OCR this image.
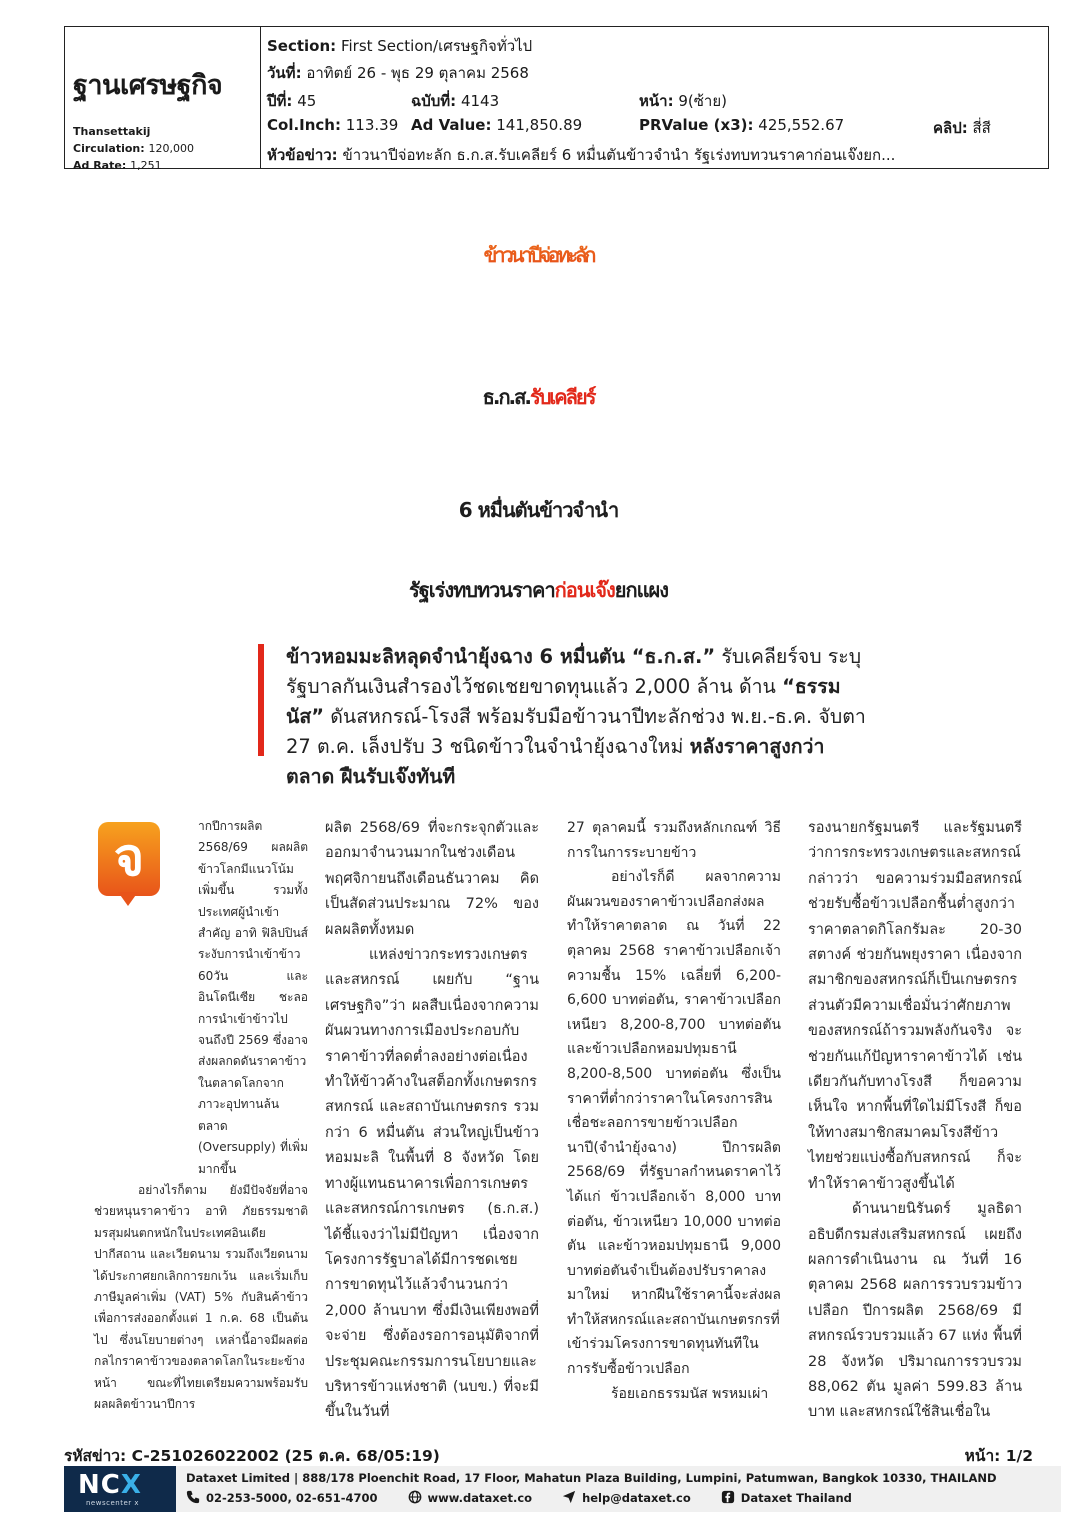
ฐานเศรษฐกิจ
Thansettakij
Circulation: 120,000
Ad Rate: 1,251
Section: First Section/เศรษฐกิจทั่วไป
วันที่: อาทิตย์ 26 - พุธ 29 ตุลาคม 2568
ปีที่: 45	ฉบับที่: 4143	หน้า: 9(ซ้าย)
Col.Inch: 113.39 Ad Value: 141,850.89	PRValue (x3): 425,552.67	คลิป: สี่สี
หัวข้อข่าว: ข้าวนาปีจ่อทะลัก ธ.ก.ส.รับเคลียร์ 6 หมื่นตันข้าวจำนำ รัฐเร่งทบทวนราคาก่อนเจ๊งยก...
ข้าวนาปีจ่อทะลัก
ธ.ก.ส.รับเคลียร์
6 หมื่นตันข้าวจำนำ
รัฐเร่งทบทวนราคาก่อนเจ๊งยกแผง
ข้าวหอมมะลิหลุดจำนำยุ้งฉาง 6 หมื่นตัน “ธ.ก.ส.” รับเคลียร์จบ ระบุรัฐบาลกันเงินสำรองไว้ชดเชยขาดทุนแล้ว 2,000 ล้าน ด้าน “ธรรมนัส” ดันสหกรณ์-โรงสี พร้อมรับมือข้าวนาปีทะลักช่วง พ.ย.-ธ.ค. จับตา 27 ต.ค. เล็งปรับ 3 ชนิดข้าวในจำนำยุ้งฉางใหม่ หลังราคาสูงกว่าตลาด ฝืนรับเจ๊งทันที
จ

ากปีการผลิต 2568/69 ผลผลิตข้าวโลกมีแนวโน้มเพิ่มขึ้น รวมทั้งประเทศผู้นำเข้าสำคัญ อาทิ ฟิลิปปินส์ ระงับการนำเข้าข้าว 60วัน และอินโดนีเซีย ชะลอการนำเข้าข้าวไปจนถึงปี 2569 ซึ่งอาจส่งผลกดดันราคาข้าวในตลาดโลกจากภาวะอุปทานล้นตลาด (Oversupply) ที่เพิ่มมากขึ้น

อย่างไรก็ตาม ยังมีปัจจัยที่อาจช่วยหนุนราคาข้าว อาทิ ภัยธรรมชาติ มรสุมฝนตกหนักในประเทศอินเดีย ปากีสถาน และเวียดนาม รวมถึงเวียดนามได้ประกาศยกเลิกการยกเว้น และเริ่มเก็บภาษีมูลค่าเพิ่ม (VAT) 5% กับสินค้าข้าวเพื่อการส่งออกตั้งแต่ 1 ก.ค. 68 เป็นต้นไป ซึ่งนโยบายต่างๆ เหล่านี้อาจมีผลต่อกลไกราคาข้าวของตลาดโลกในระยะข้างหน้า ขณะที่ไทยเตรียมความพร้อมรับผลผลิตข้าวนาปีการ

ผลิต 2568/69 ที่จะกระจุกตัวและออกมาจำนวนมากในช่วงเดือนพฤศจิกายนถึงเดือนธันวาคม คิดเป็นสัดส่วนประมาณ 72% ของผลผลิตทั้งหมด

แหล่งข่าวกระทรวงเกษตรและสหกรณ์ เผยกับ “ฐานเศรษฐกิจ”ว่า ผลสืบเนื่องจากความผันผวนทางการเมืองประกอบกับราคาข้าวที่ลดต่ำลงอย่างต่อเนื่อง ทำให้ข้าวค้างในสต็อกทั้งเกษตรกร สหกรณ์ และสถาบันเกษตรกร รวมกว่า 6 หมื่นตัน ส่วนใหญ่เป็นข้าวหอมมะลิ ในพื้นที่ 8 จังหวัด โดยทางผู้แทนธนาคารเพื่อการเกษตรและสหกรณ์การเกษตร (ธ.ก.ส.) ได้ชี้แจงว่าไม่มีปัญหา เนื่องจากโครงการรัฐบาลได้มีการชดเชยการขาดทุนไว้แล้วจำนวนกว่า 2,000 ล้านบาท ซึ่งมีเงินเพียงพอที่จะจ่าย ซึ่งต้องรอการอนุมัติจากที่ประชุมคณะกรรมการนโยบายและบริหารข้าวแห่งชาติ (นบข.) ที่จะมีขึ้นในวันที่

27 ตุลาคมนี้ รวมถึงหลักเกณฑ์ วิธีการในการระบายข้าว

อย่างไรก็ดี ผลจากความผันผวนของราคาข้าวเปลือกส่งผลทำให้ราคาตลาด ณ วันที่ 22 ตุลาคม 2568 ราคาข้าวเปลือกเจ้า ความชื้น 15% เฉลี่ยที่ 6,200-6,600 บาทต่อตัน, ราคาข้าวเปลือกเหนียว 8,200-8,700 บาทต่อตัน และข้าวเปลือกหอมปทุมธานี 8,200-8,500 บาทต่อตัน ซึ่งเป็นราคาที่ต่ำกว่าราคาในโครงการสินเชื่อชะลอการขายข้าวเปลือกนาปี(จำนำยุ้งฉาง) ปีการผลิต 2568/69 ที่รัฐบาลกำหนดราคาไว้ ได้แก่ ข้าวเปลือกเจ้า 8,000 บาทต่อตัน, ข้าวเหนียว 10,000 บาทต่อตัน และข้าวหอมปทุมธานี 9,000 บาทต่อตันจำเป็นต้องปรับราคาลงมาใหม่ หากฝืนใช้ราคานี้จะส่งผลทำให้สหกรณ์และสถาบันเกษตรกรที่เข้าร่วมโครงการขาดทุนทันทีในการรับซื้อข้าวเปลือก

ร้อยเอกธรรมนัส พรหมเผ่า

รองนายกรัฐมนตรี และรัฐมนตรีว่าการกระทรวงเกษตรและสหกรณ์ กล่าวว่า ขอความร่วมมือสหกรณ์ช่วยรับซื้อข้าวเปลือกชื้นต่ำสูงกว่าราคาตลาดกิโลกรัมละ 20-30 สตางค์ ช่วยกันพยุงราคา เนื่องจากสมาชิกของสหกรณ์ก็เป็นเกษตรกร ส่วนตัวมีความเชื่อมั่นว่าศักยภาพของสหกรณ์ถ้ารวมพลังกันจริง จะช่วยกันแก้ปัญหาราคาข้าวได้ เช่นเดียวกันกับทางโรงสี ก็ขอความเห็นใจ หากพื้นที่ใดไม่มีโรงสี ก็ขอให้ทางสมาชิกสมาคมโรงสีข้าวไทยช่วยแบ่งซื้อกับสหกรณ์ ก็จะทำให้ราคาข้าวสูงขึ้นได้

ด้านนายนิรันดร์ มูลธิดา อธิบดีกรมส่งเสริมสหกรณ์ เผยถึงผลการดำเนินงาน ณ วันที่ 16 ตุลาคม 2568 ผลการรวบรวมข้าวเปลือก ปีการผลิต 2568/69 มีสหกรณ์รวบรวมแล้ว 67 แห่ง พื้นที่ 28 จังหวัด ปริมาณการรวบรวม 88,062 ตัน มูลค่า 599.83 ล้านบาท และสหกรณ์ใช้สินเชื่อใน

รหัสข่าว: C-251026022002 (25 ต.ค. 68/05:19)	หน้า: 1/2
NCX
newscenter x
Dataxet Limited | 888/178 Ploenchit Road, 17 Floor, Mahatun Plaza Building, Lumpini, Patumwan, Bangkok 10330, THAILAND
02-253-5000, 02-651-4700	www.dataxet.co	help@dataxet.co	Dataxet Thailand
